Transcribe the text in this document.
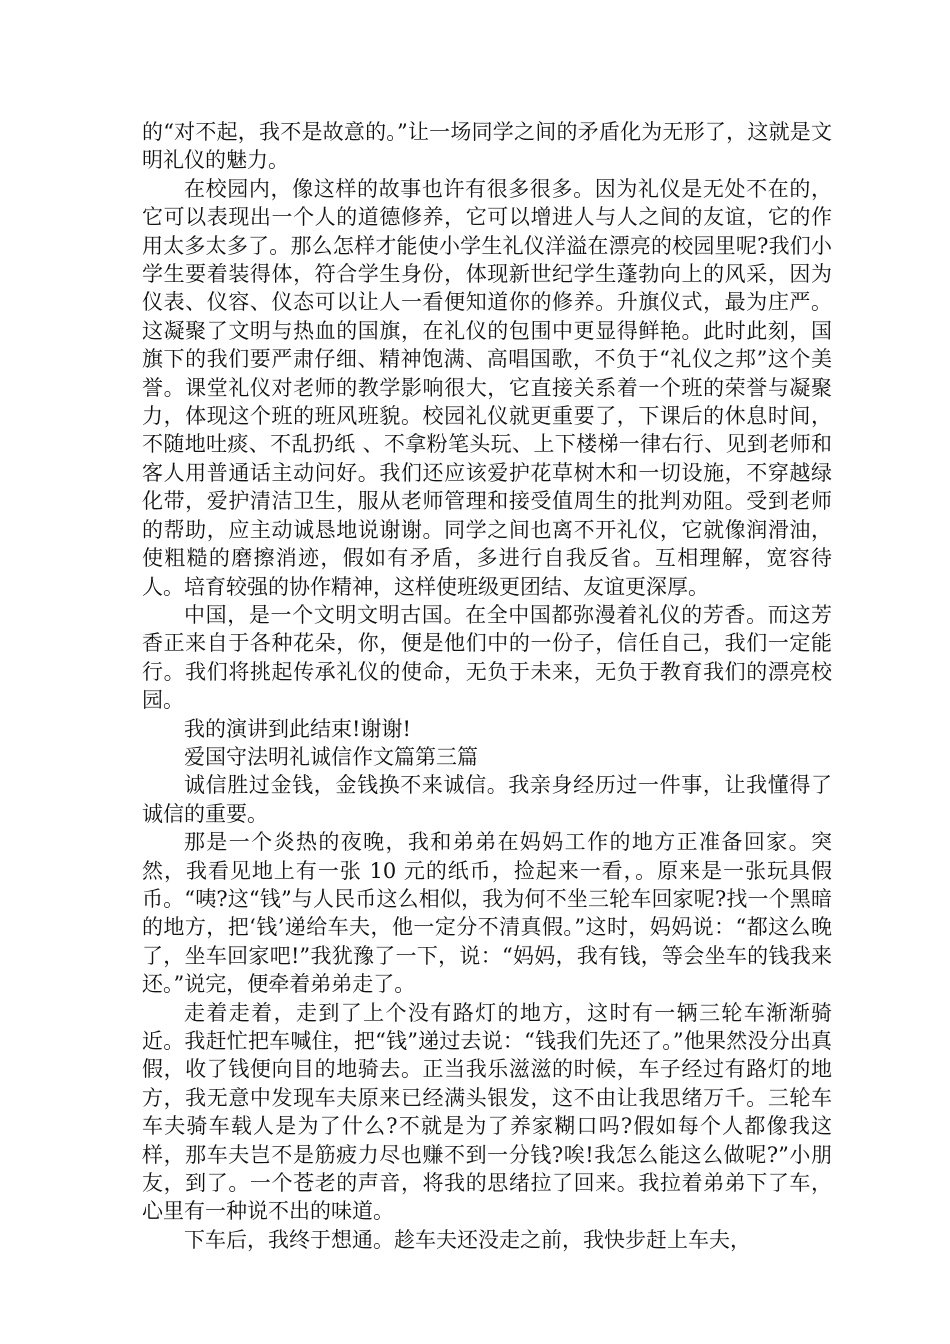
的“对不起，我不是故意的。”让一场同学之间的矛盾化为无形了，这就是文明礼仪的魅力。

在校园内，像这样的故事也许有很多很多。因为礼仪是无处不在的，它可以表现出一个人的道德修养，它可以增进人与人之间的友谊，它的作用太多太多了。那么怎样才能使小学生礼仪洋溢在漂亮的校园里呢?我们小学生要着装得体，符合学生身份，体现新世纪学生蓬勃向上的风采，因为仪表、仪容、仪态可以让人一看便知道你的修养。升旗仪式，最为庄严。这凝聚了文明与热血的国旗，在礼仪的包围中更显得鲜艳。此时此刻，国旗下的我们要严肃仔细、精神饱满、高唱国歌，不负于“礼仪之邦”这个美誉。课堂礼仪对老师的教学影响很大，它直接关系着一个班的荣誉与凝聚力，体现这个班的班风班貌。校园礼仪就更重要了，下课后的休息时间，不随地吐痰、不乱扔纸 、不拿粉笔头玩、上下楼梯一律右行、见到老师和客人用普通话主动问好。我们还应该爱护花草树木和一切设施，不穿越绿化带，爱护清洁卫生，服从老师管理和接受值周生的批判劝阻。受到老师的帮助，应主动诚恳地说谢谢。同学之间也离不开礼仪，它就像润滑油，使粗糙的磨擦消迹，假如有矛盾，多进行自我反省。互相理解，宽容待人。培育较强的协作精神，这样使班级更团结、友谊更深厚。

中国，是一个文明文明古国。在全中国都弥漫着礼仪的芳香。而这芳香正来自于各种花朵，你，便是他们中的一份子，信任自己，我们一定能行。我们将挑起传承礼仪的使命，无负于未来，无负于教育我们的漂亮校园。

我的演讲到此结束!谢谢!

爱国守法明礼诚信作文篇第三篇

诚信胜过金钱，金钱换不来诚信。我亲身经历过一件事，让我懂得了诚信的重要。

那是一个炎热的夜晚，我和弟弟在妈妈工作的地方正准备回家。突然，我看见地上有一张 10 元的纸币，捡起来一看，。原来是一张玩具假币。“咦?这“钱”与人民币这么相似，我为何不坐三轮车回家呢?找一个黑暗的地方，把‘钱’递给车夫，他一定分不清真假。”这时，妈妈说：“都这么晚了，坐车回家吧!”我犹豫了一下，说：“妈妈，我有钱，等会坐车的钱我来还。”说完，便牵着弟弟走了。

走着走着，走到了上个没有路灯的地方，这时有一辆三轮车渐渐骑近。我赶忙把车喊住，把“钱”递过去说：“钱我们先还了。”他果然没分出真假，收了钱便向目的地骑去。正当我乐滋滋的时候，车子经过有路灯的地方，我无意中发现车夫原来已经满头银发，这不由让我思绪万千。三轮车车夫骑车载人是为了什么?不就是为了养家糊口吗?假如每个人都像我这样，那车夫岂不是筋疲力尽也赚不到一分钱?唉!我怎么能这么做呢?”小朋友，到了。一个苍老的声音，将我的思绪拉了回来。我拉着弟弟下了车，心里有一种说不出的味道。

下车后，我终于想通。趁车夫还没走之前，我快步赶上车夫，
